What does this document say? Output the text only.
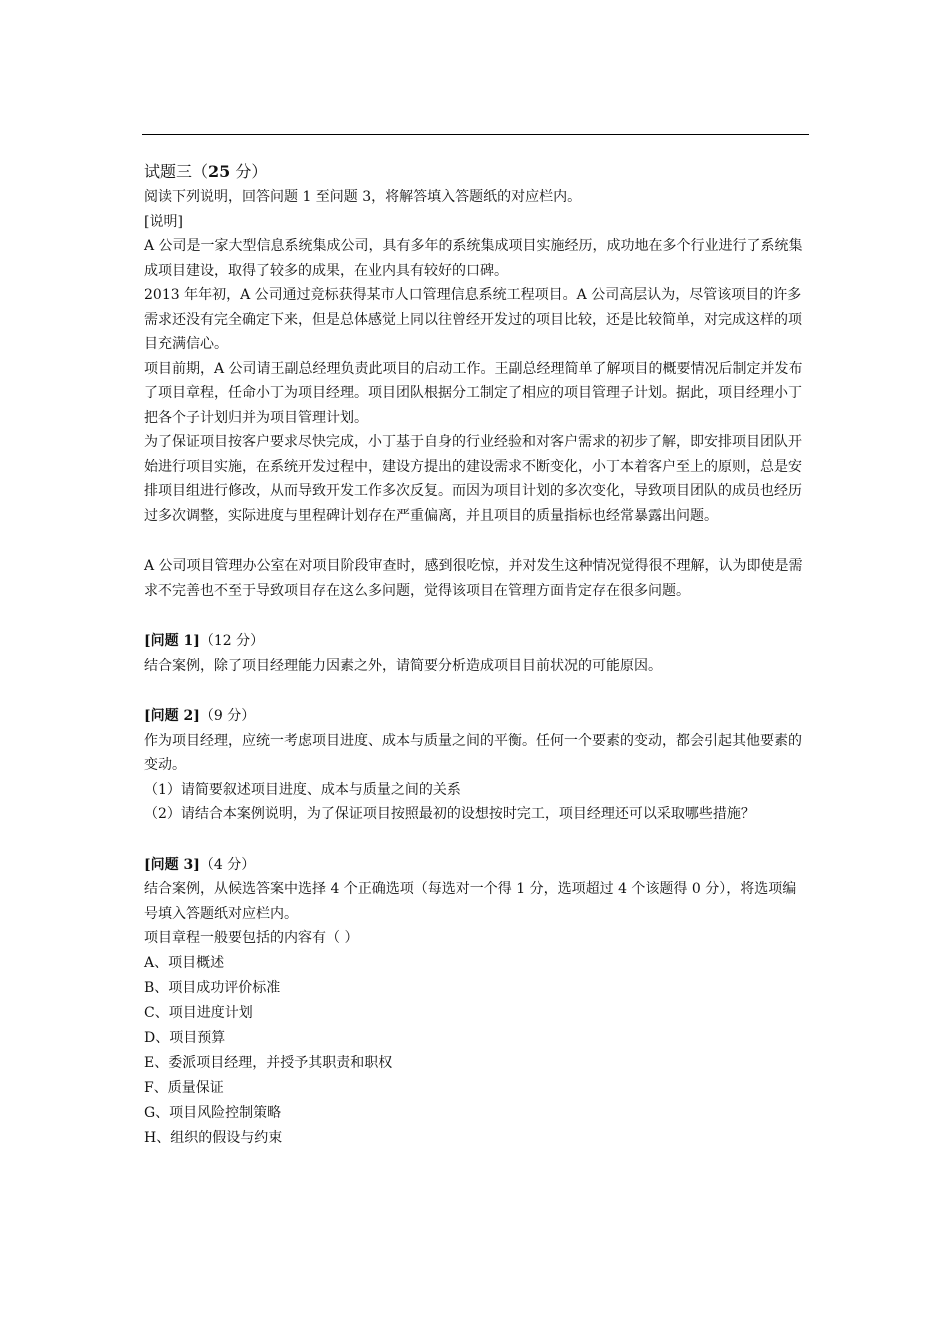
试题三（25 分）

阅读下列说明，回答问题 1 至问题 3，将解答填入答题纸的对应栏内。

[说明]

A 公司是一家大型信息系统集成公司，具有多年的系统集成项目实施经历，成功地在多个行业进行了系统集成项目建设，取得了较多的成果，在业内具有较好的口碑。

2013 年年初，A 公司通过竞标获得某市人口管理信息系统工程项目。A 公司高层认为，尽管该项目的许多需求还没有完全确定下来，但是总体感觉上同以往曾经开发过的项目比较，还是比较简单，对完成这样的项目充满信心。

项目前期，A 公司请王副总经理负责此项目的启动工作。王副总经理简单了解项目的概要情况后制定并发布了项目章程，任命小丁为项目经理。项目团队根据分工制定了相应的项目管理子计划。据此，项目经理小丁把各个子计划归并为项目管理计划。

为了保证项目按客户要求尽快完成，小丁基于自身的行业经验和对客户需求的初步了解，即安排项目团队开始进行项目实施，在系统开发过程中，建设方提出的建设需求不断变化，小丁本着客户至上的原则，总是安排项目组进行修改，从而导致开发工作多次反复。而因为项目计划的多次变化，导致项目团队的成员也经历过多次调整，实际进度与里程碑计划存在严重偏离，并且项目的质量指标也经常暴露出问题。

A 公司项目管理办公室在对项目阶段审查时，感到很吃惊，并对发生这种情况觉得很不理解，认为即使是需求不完善也不至于导致项目存在这么多问题，觉得该项目在管理方面肯定存在很多问题。

[问题 1]（12 分）

结合案例，除了项目经理能力因素之外，请简要分析造成项目目前状况的可能原因。

[问题 2]（9 分）

作为项目经理，应统一考虑项目进度、成本与质量之间的平衡。任何一个要素的变动，都会引起其他要素的变动。

（1）请简要叙述项目进度、成本与质量之间的关系

（2）请结合本案例说明，为了保证项目按照最初的设想按时完工，项目经理还可以采取哪些措施？

[问题 3]（4 分）

结合案例，从候选答案中选择 4 个正确选项（每选对一个得 1 分，选项超过 4 个该题得 0 分），将选项编号填入答题纸对应栏内。

项目章程一般要包括的内容有（ ）

A、项目概述

B、项目成功评价标准

C、项目进度计划

D、项目预算

E、委派项目经理，并授予其职责和职权

F、质量保证

G、项目风险控制策略

H、组织的假设与约束
